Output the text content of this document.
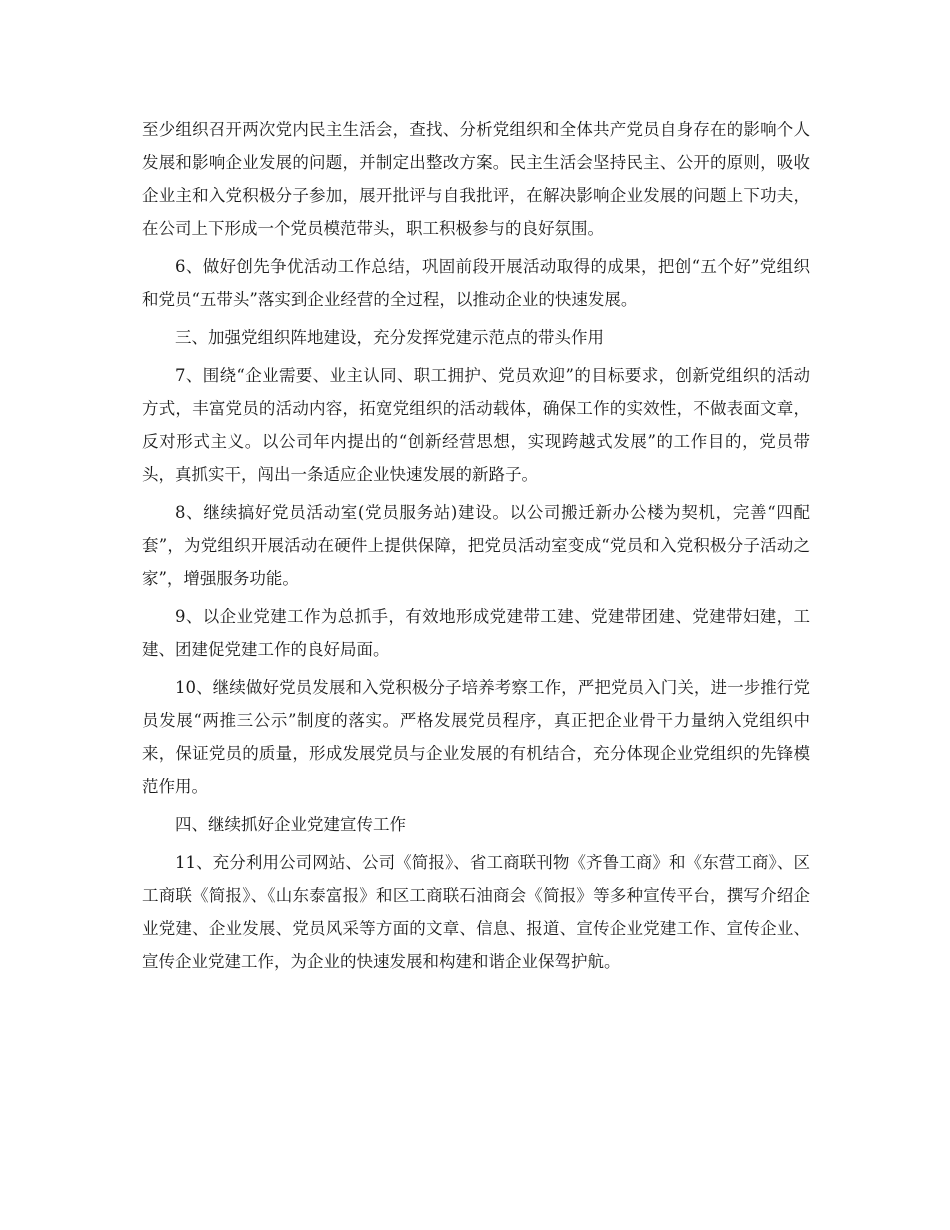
至少组织召开两次党内民主生活会，查找、分析党组织和全体共产党员自身存在的影响个人发展和影响企业发展的问题，并制定出整改方案。民主生活会坚持民主、公开的原则，吸收企业主和入党积极分子参加，展开批评与自我批评，在解决影响企业发展的问题上下功夫，在公司上下形成一个党员模范带头，职工积极参与的良好氛围。

6、做好创先争优活动工作总结，巩固前段开展活动取得的成果，把创“五个好”党组织和党员“五带头”落实到企业经营的全过程，以推动企业的快速发展。

三、加强党组织阵地建设，充分发挥党建示范点的带头作用

7、围绕“企业需要、业主认同、职工拥护、党员欢迎”的目标要求，创新党组织的活动方式，丰富党员的活动内容，拓宽党组织的活动载体，确保工作的实效性，不做表面文章，反对形式主义。以公司年内提出的“创新经营思想，实现跨越式发展”的工作目的，党员带头，真抓实干，闯出一条适应企业快速发展的新路子。

8、继续搞好党员活动室(党员服务站)建设。以公司搬迁新办公楼为契机，完善“四配套”，为党组织开展活动在硬件上提供保障，把党员活动室变成“党员和入党积极分子活动之家”，增强服务功能。

9、以企业党建工作为总抓手，有效地形成党建带工建、党建带团建、党建带妇建，工建、团建促党建工作的良好局面。

10、继续做好党员发展和入党积极分子培养考察工作，严把党员入门关，进一步推行党员发展“两推三公示”制度的落实。严格发展党员程序，真正把企业骨干力量纳入党组织中来，保证党员的质量，形成发展党员与企业发展的有机结合，充分体现企业党组织的先锋模范作用。

四、继续抓好企业党建宣传工作

11、充分利用公司网站、公司《简报》、省工商联刊物《齐鲁工商》和《东营工商》、区工商联《简报》、《山东泰富报》和区工商联石油商会《简报》等多种宣传平台，撰写介绍企业党建、企业发展、党员风采等方面的文章、信息、报道、宣传企业党建工作、宣传企业、宣传企业党建工作，为企业的快速发展和构建和谐企业保驾护航。
